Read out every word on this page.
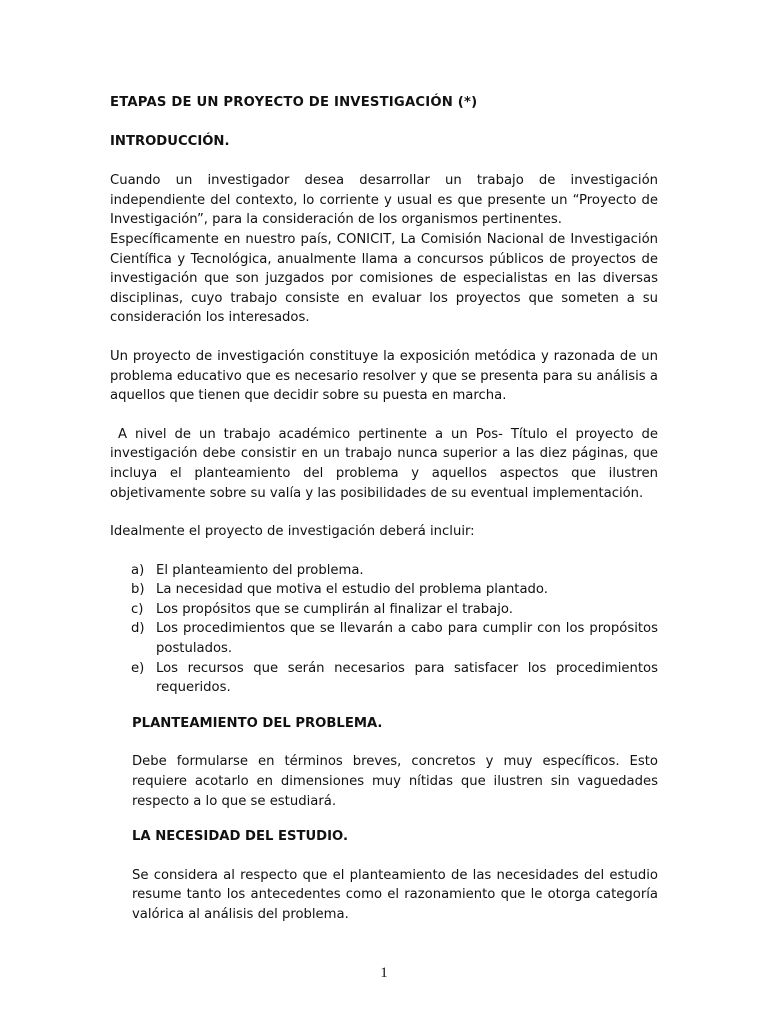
ETAPAS DE UN PROYECTO DE INVESTIGACIÓN (*)

INTRODUCCIÓN.

Cuando un investigador desea desarrollar un trabajo de investigación independiente del contexto, lo corriente y usual es que presente un “Proyecto de Investigación”, para la consideración de los organismos pertinentes.

Específicamente en nuestro país, CONICIT, La Comisión Nacional de Investigación Científica y Tecnológica, anualmente llama a concursos públicos de proyectos de investigación que son juzgados por comisiones de especialistas en las diversas disciplinas, cuyo trabajo consiste en evaluar los proyectos que someten a su consideración los interesados.

Un proyecto de investigación constituye la exposición metódica y razonada de un problema educativo que es necesario resolver y que se presenta para su análisis a aquellos que tienen que decidir sobre su puesta en marcha.

A nivel de un trabajo académico pertinente a un Pos- Título el proyecto de investigación debe consistir en un trabajo nunca superior a las diez páginas, que incluya el planteamiento del problema y aquellos aspectos que ilustren objetivamente sobre su valía y las posibilidades de su eventual implementación.

Idealmente el proyecto de investigación deberá incluir:

a) El planteamiento del problema.
b) La necesidad que motiva el estudio del problema plantado.
c) Los propósitos que se cumplirán al finalizar el trabajo.
d) Los procedimientos que se llevarán a cabo para cumplir con los propósitos postulados.
e) Los recursos que serán necesarios para satisfacer los procedimientos requeridos.

PLANTEAMIENTO DEL PROBLEMA.

Debe formularse en términos breves, concretos y muy específicos. Esto requiere acotarlo en dimensiones muy nítidas que ilustren sin vaguedades respecto a lo que se estudiará.

LA NECESIDAD DEL ESTUDIO.

Se considera al respecto que el planteamiento de las necesidades del estudio resume tanto los antecedentes como el razonamiento que le otorga categoría valórica al análisis del problema.

1
